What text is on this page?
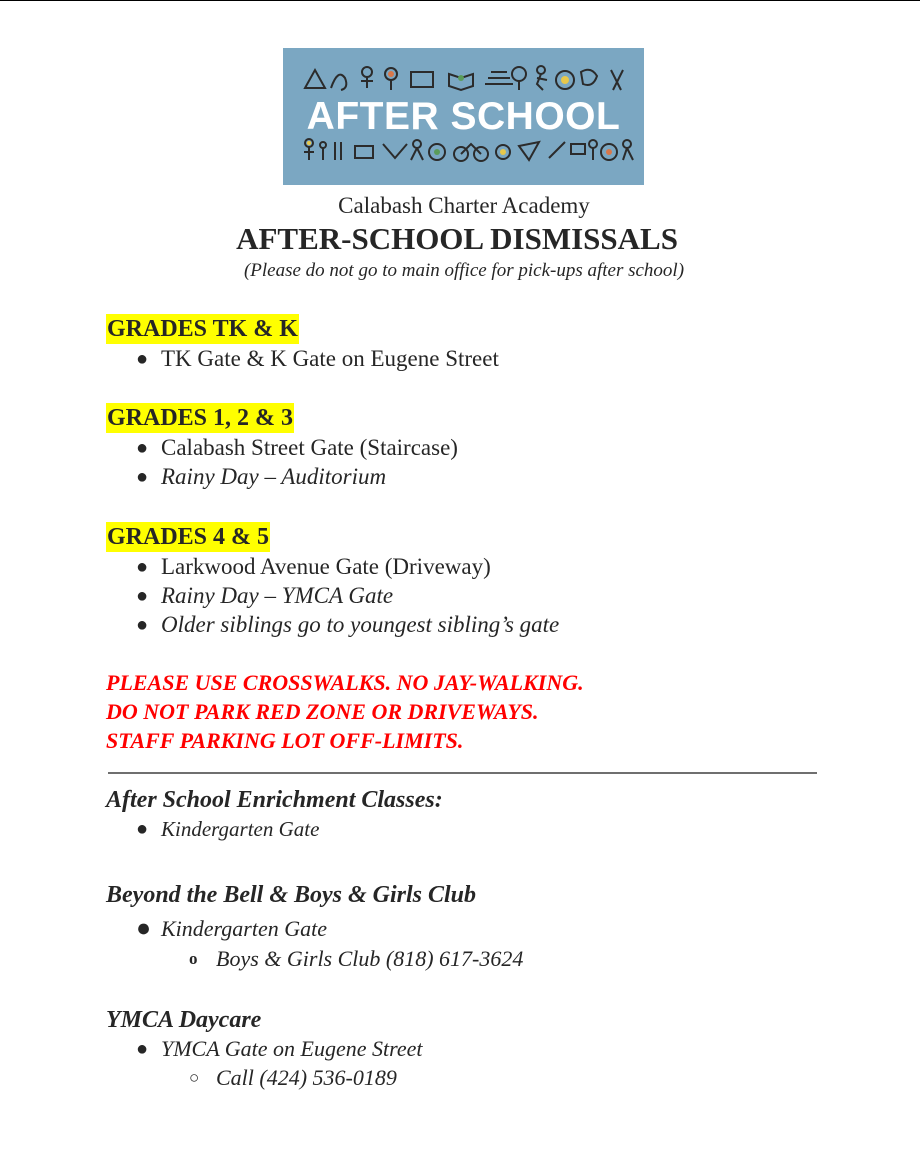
AFTER SCHOOL
Calabash Charter Academy
AFTER-SCHOOL DISMISSALS
(Please do not go to main office for pick-ups after school)
GRADES TK & K
● TK Gate & K Gate on Eugene Street
GRADES 1, 2 & 3
● Calabash Street Gate (Staircase)
● Rainy Day – Auditorium
GRADES 4 & 5
● Larkwood Avenue Gate (Driveway)
● Rainy Day – YMCA Gate
● Older siblings go to youngest sibling’s gate
PLEASE USE CROSSWALKS. NO JAY-WALKING.
DO NOT PARK RED ZONE OR DRIVEWAYS.
STAFF PARKING LOT OFF-LIMITS.
After School Enrichment Classes:
● Kindergarten Gate
Beyond the Bell & Boys & Girls Club
● Kindergarten Gate
o Boys & Girls Club (818) 617-3624
YMCA Daycare
● YMCA Gate on Eugene Street
○ Call (424) 536-0189
